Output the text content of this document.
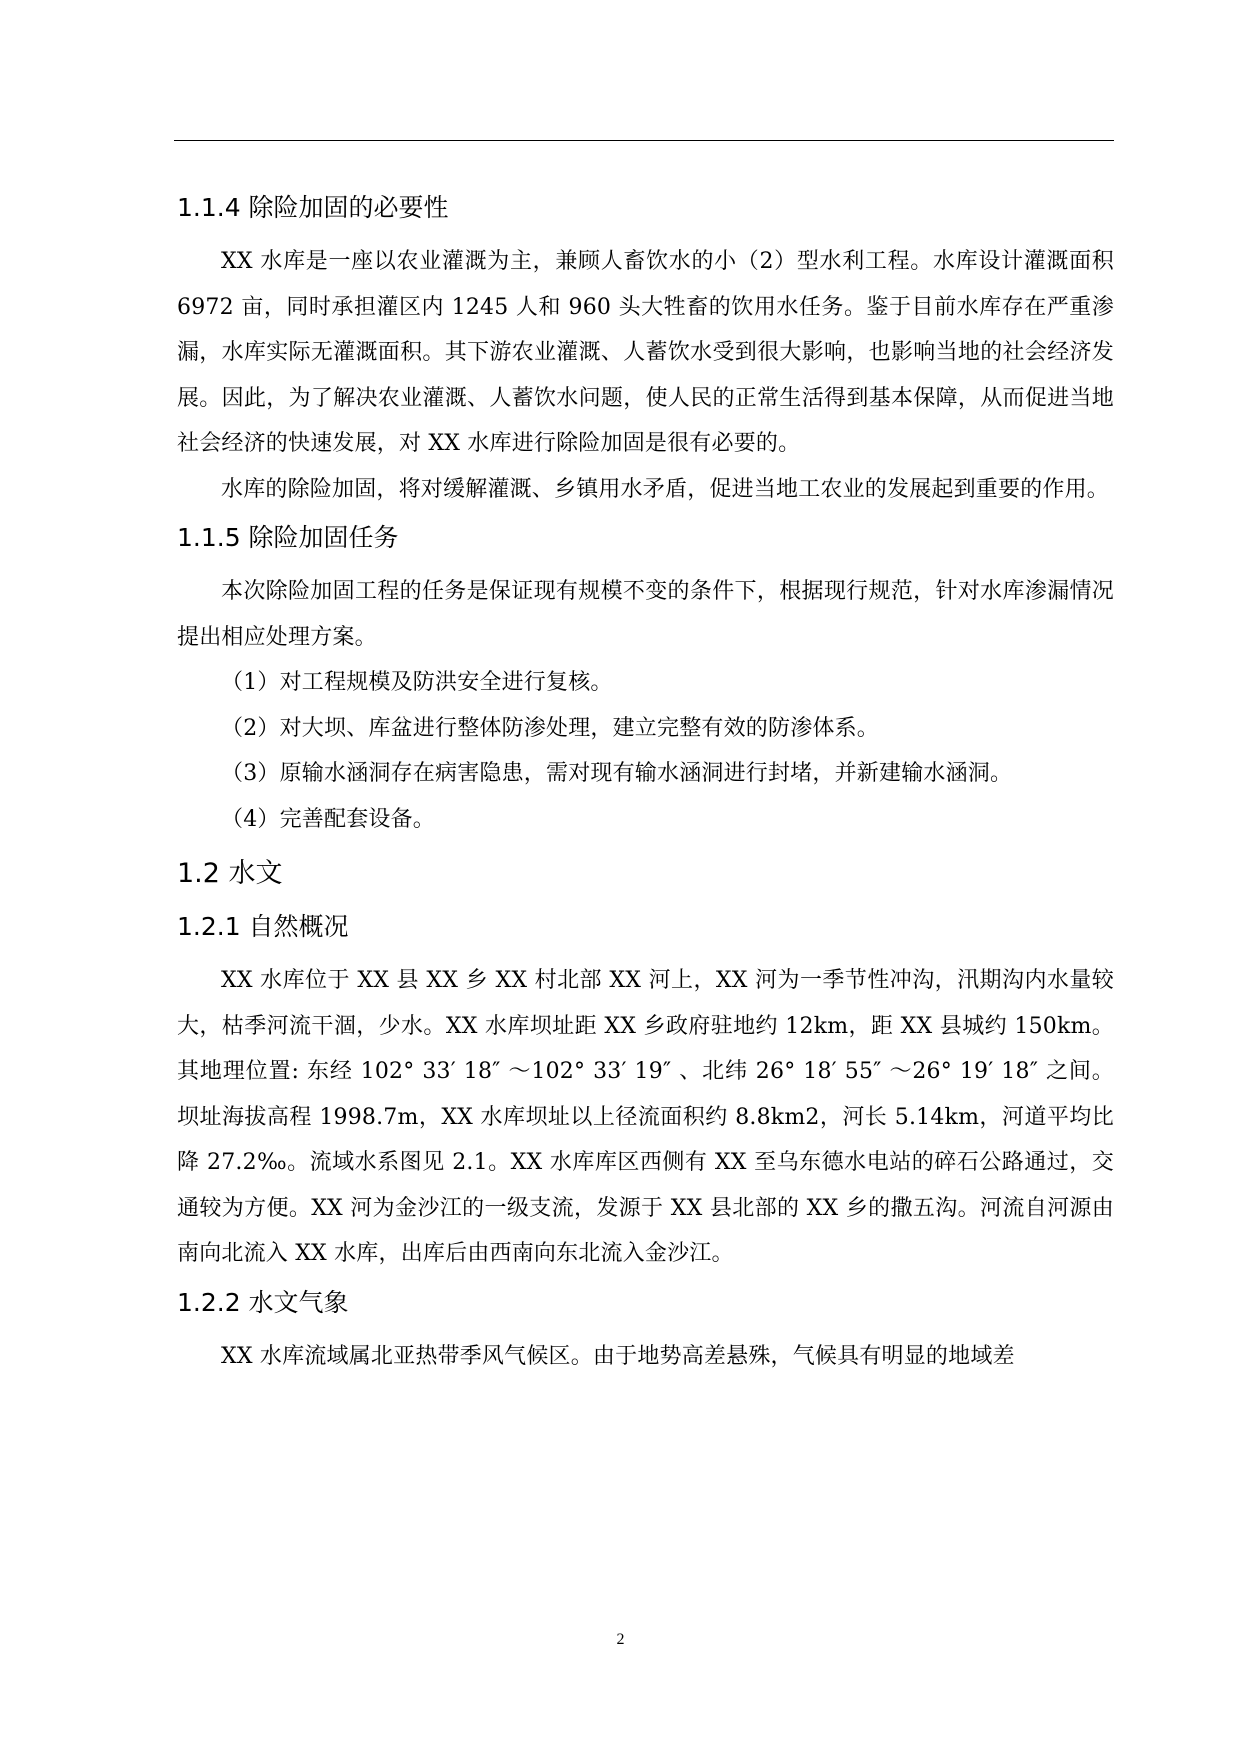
1.1.4 除险加固的必要性

XX 水库是一座以农业灌溉为主，兼顾人畜饮水的小（2）型水利工程。水库设计灌溉面积 6972 亩，同时承担灌区内 1245 人和 960 头大牲畜的饮用水任务。鉴于目前水库存在严重渗漏，水库实际无灌溉面积。其下游农业灌溉、人蓄饮水受到很大影响，也影响当地的社会经济发展。因此，为了解决农业灌溉、人蓄饮水问题，使人民的正常生活得到基本保障，从而促进当地社会经济的快速发展，对 XX 水库进行除险加固是很有必要的。

水库的除险加固，将对缓解灌溉、乡镇用水矛盾，促进当地工农业的发展起到重要的作用。

1.1.5 除险加固任务

本次除险加固工程的任务是保证现有规模不变的条件下，根据现行规范，针对水库渗漏情况提出相应处理方案。

（1）对工程规模及防洪安全进行复核。

（2）对大坝、库盆进行整体防渗处理，建立完整有效的防渗体系。

（3）原输水涵洞存在病害隐患，需对现有输水涵洞进行封堵，并新建输水涵洞。

（4）完善配套设备。

1.2 水文
1.2.1 自然概况

XX 水库位于 XX 县 XX 乡 XX 村北部 XX 河上，XX 河为一季节性冲沟，汛期沟内水量较大，枯季河流干涸，少水。XX 水库坝址距 XX 乡政府驻地约 12km，距 XX 县城约 150km。其地理位置: 东经 102° 33′ 18″ ～102° 33′ 19″ 、北纬 26° 18′ 55″ ～26° 19′ 18″ 之间。坝址海拔高程 1998.7m，XX 水库坝址以上径流面积约 8.8km2，河长 5.14km，河道平均比降 27.2‰。流域水系图见 2.1。XX 水库库区西侧有 XX 至乌东德水电站的碎石公路通过，交通较为方便。XX 河为金沙江的一级支流，发源于 XX 县北部的 XX 乡的撒五沟。河流自河源由南向北流入 XX 水库，出库后由西南向东北流入金沙江。

1.2.2 水文气象

XX 水库流域属北亚热带季风气候区。由于地势高差悬殊，气候具有明显的地域差

2
